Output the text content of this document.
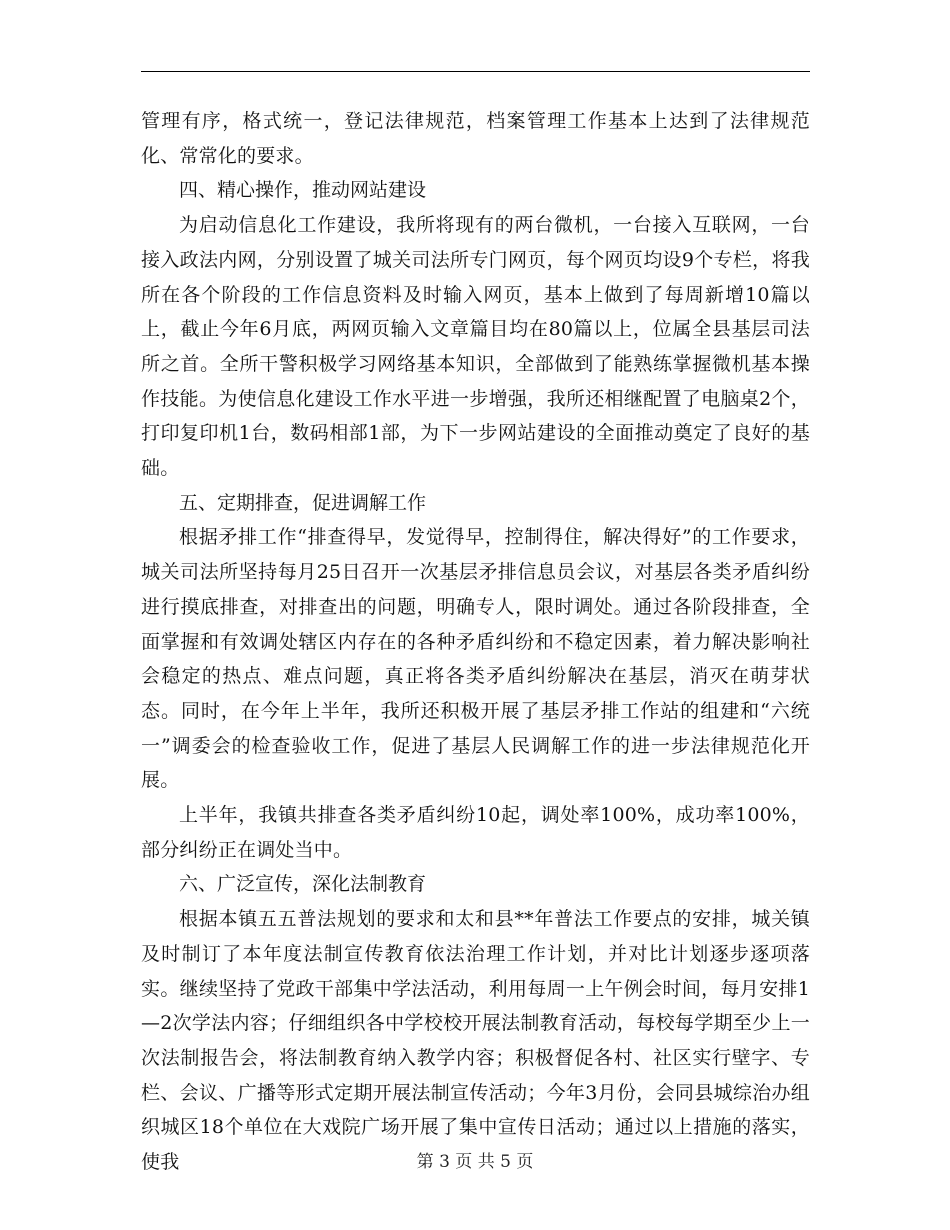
管理有序，格式统一，登记法律规范，档案管理工作基本上达到了法律规范化、常常化的要求。

四、精心操作，推动网站建设

为启动信息化工作建设，我所将现有的两台微机，一台接入互联网，一台接入政法内网，分别设置了城关司法所专门网页，每个网页均设9个专栏，将我所在各个阶段的工作信息资料及时输入网页，基本上做到了每周新增10篇以上，截止今年6月底，两网页输入文章篇目均在80篇以上，位属全县基层司法所之首。全所干警积极学习网络基本知识，全部做到了能熟练掌握微机基本操作技能。为使信息化建设工作水平进一步增强，我所还相继配置了电脑桌2个，打印复印机1台，数码相部1部，为下一步网站建设的全面推动奠定了良好的基础。

五、定期排查，促进调解工作

根据矛排工作“排查得早，发觉得早，控制得住，解决得好”的工作要求，城关司法所坚持每月25日召开一次基层矛排信息员会议，对基层各类矛盾纠纷进行摸底排查，对排查出的问题，明确专人，限时调处。通过各阶段排查，全面掌握和有效调处辖区内存在的各种矛盾纠纷和不稳定因素，着力解决影响社会稳定的热点、难点问题，真正将各类矛盾纠纷解决在基层，消灭在萌芽状态。同时，在今年上半年，我所还积极开展了基层矛排工作站的组建和“六统一”调委会的检查验收工作，促进了基层人民调解工作的进一步法律规范化开展。

上半年，我镇共排查各类矛盾纠纷10起，调处率100%，成功率100%，部分纠纷正在调处当中。

六、广泛宣传，深化法制教育

根据本镇五五普法规划的要求和太和县**年普法工作要点的安排，城关镇及时制订了本年度法制宣传教育依法治理工作计划，并对比计划逐步逐项落实。继续坚持了党政干部集中学法活动，利用每周一上午例会时间，每月安排1—2次学法内容；仔细组织各中学校校开展法制教育活动，每校每学期至少上一次法制报告会，将法制教育纳入教学内容；积极督促各村、社区实行壁字、专栏、会议、广播等形式定期开展法制宣传活动；今年3月份，会同县城综治办组织城区18个单位在大戏院广场开展了集中宣传日活动；通过以上措施的落实，使我	第 3 页 共 5 页
